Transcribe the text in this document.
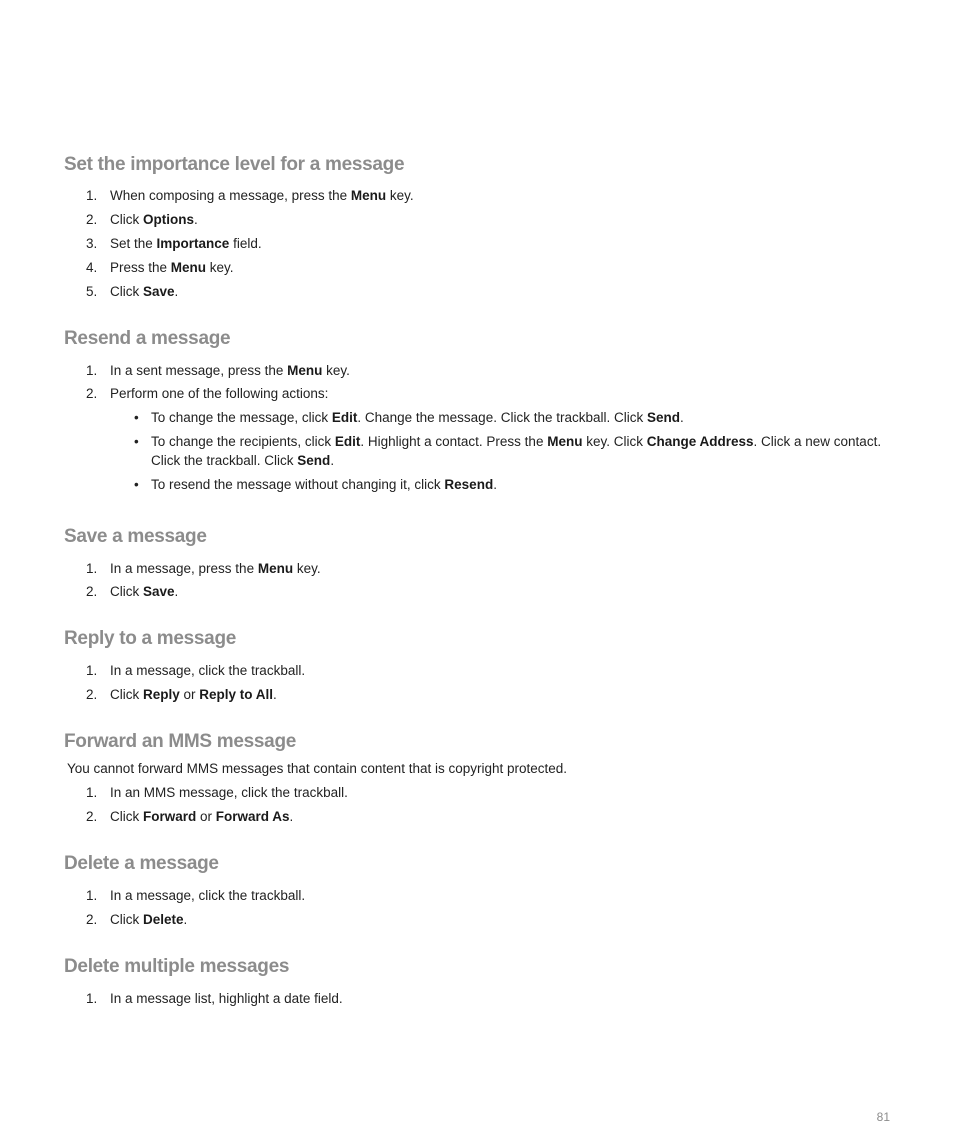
Set the importance level for a message
1. When composing a message, press the Menu key.
2. Click Options.
3. Set the Importance field.
4. Press the Menu key.
5. Click Save.
Resend a message
1. In a sent message, press the Menu key.
2. Perform one of the following actions:
• To change the message, click Edit. Change the message. Click the trackball. Click Send.
• To change the recipients, click Edit. Highlight a contact. Press the Menu key. Click Change Address. Click a new contact.
Click the trackball. Click Send.
• To resend the message without changing it, click Resend.
Save a message
1. In a message, press the Menu key.
2. Click Save.
Reply to a message
1. In a message, click the trackball.
2. Click Reply or Reply to All.
Forward an MMS message
You cannot forward MMS messages that contain content that is copyright protected.
1. In an MMS message, click the trackball.
2. Click Forward or Forward As.
Delete a message
1. In a message, click the trackball.
2. Click Delete.
Delete multiple messages
1. In a message list, highlight a date field.
81
